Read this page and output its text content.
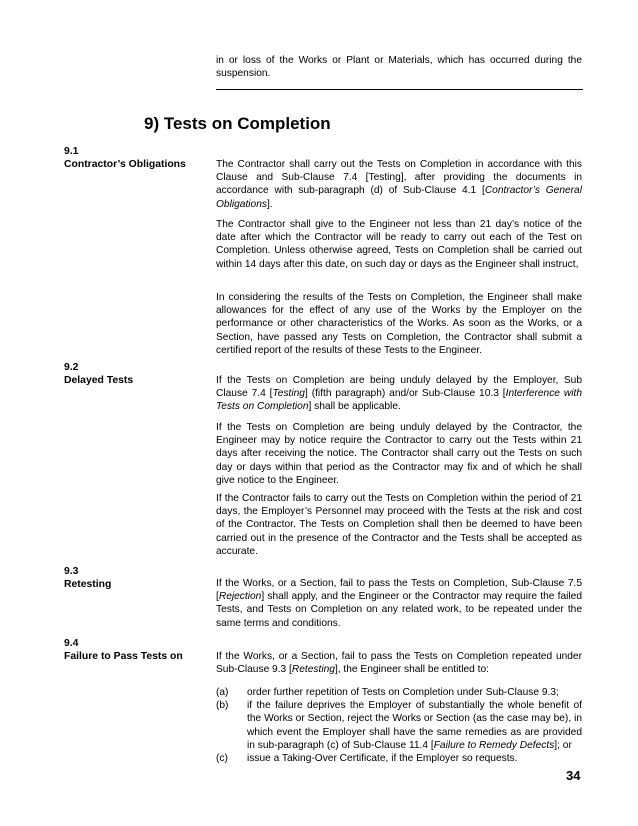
in or loss of the Works or Plant or Materials, which has occurred during the suspension.

9) Tests on Completion
9.1
Contractor’s Obligations	The Contractor shall carry out the Tests on Completion in accordance with this Clause and Sub-Clause 7.4 [Testing], after providing the documents in accordance with sub-paragraph (d) of Sub-Clause 4.1 [Contractor’s General Obligations].

The Contractor shall give to the Engineer not less than 21 day’s notice of the date after which the Contractor will be ready to carry out each of the Test on Completion. Unless otherwise agreed, Tests on Completion shall be carried out within 14 days after this date, on such day or days as the Engineer shall instruct,

In considering the results of the Tests on Completion, the Engineer shall make allowances for the effect of any use of the Works by the Employer on the performance or other characteristics of the Works. As soon as the Works, or a Section, have passed any Tests on Completion, the Contractor shall submit a certified report of the results of these Tests to the Engineer.

9.2
Delayed Tests	If the Tests on Completion are being unduly delayed by the Employer, Sub Clause 7.4 [Testing] (fifth paragraph) and/or Sub-Clause 10.3 [Interference with Tests on Completion] shall be applicable.

If the Tests on Completion are being unduly delayed by the Contractor, the Engineer may by notice require the Contractor to carry out the Tests within 21 days after receiving the notice. The Contractor shall carry out the Tests on such day or days within that period as the Contractor may fix and of which he shall give notice to the Engineer.

If the Contractor fails to carry out the Tests on Completion within the period of 21 days, the Employer’s Personnel may proceed with the Tests at the risk and cost of the Contractor. The Tests on Completion shall then be deemed to have been carried out in the presence of the Contractor and the Tests shall be accepted as accurate.

9.3
Retesting	If the Works, or a Section, fail to pass the Tests on Completion, Sub-Clause 7.5 [Rejection] shall apply, and the Engineer or the Contractor may require the failed Tests, and Tests on Completion on any related work, to be repeated under the same terms and conditions.

9.4
Failure to Pass Tests on	If the Works, or a Section, fail to pass the Tests on Completion repeated under Sub-Clause 9.3 [Retesting], the Engineer shall be entitled to:

(a)	order further repetition of Tests on Completion under Sub-Clause 9.3;
(b)	if the failure deprives the Employer of substantially the whole benefit of the Works or Section, reject the Works or Section (as the case may be), in which event the Employer shall have the same remedies as are provided in sub-paragraph (c) of Sub-Clause 11.4 [Failure to Remedy Defects]; or
(c)	issue a Taking-Over Certificate, if the Employer so requests.
34
